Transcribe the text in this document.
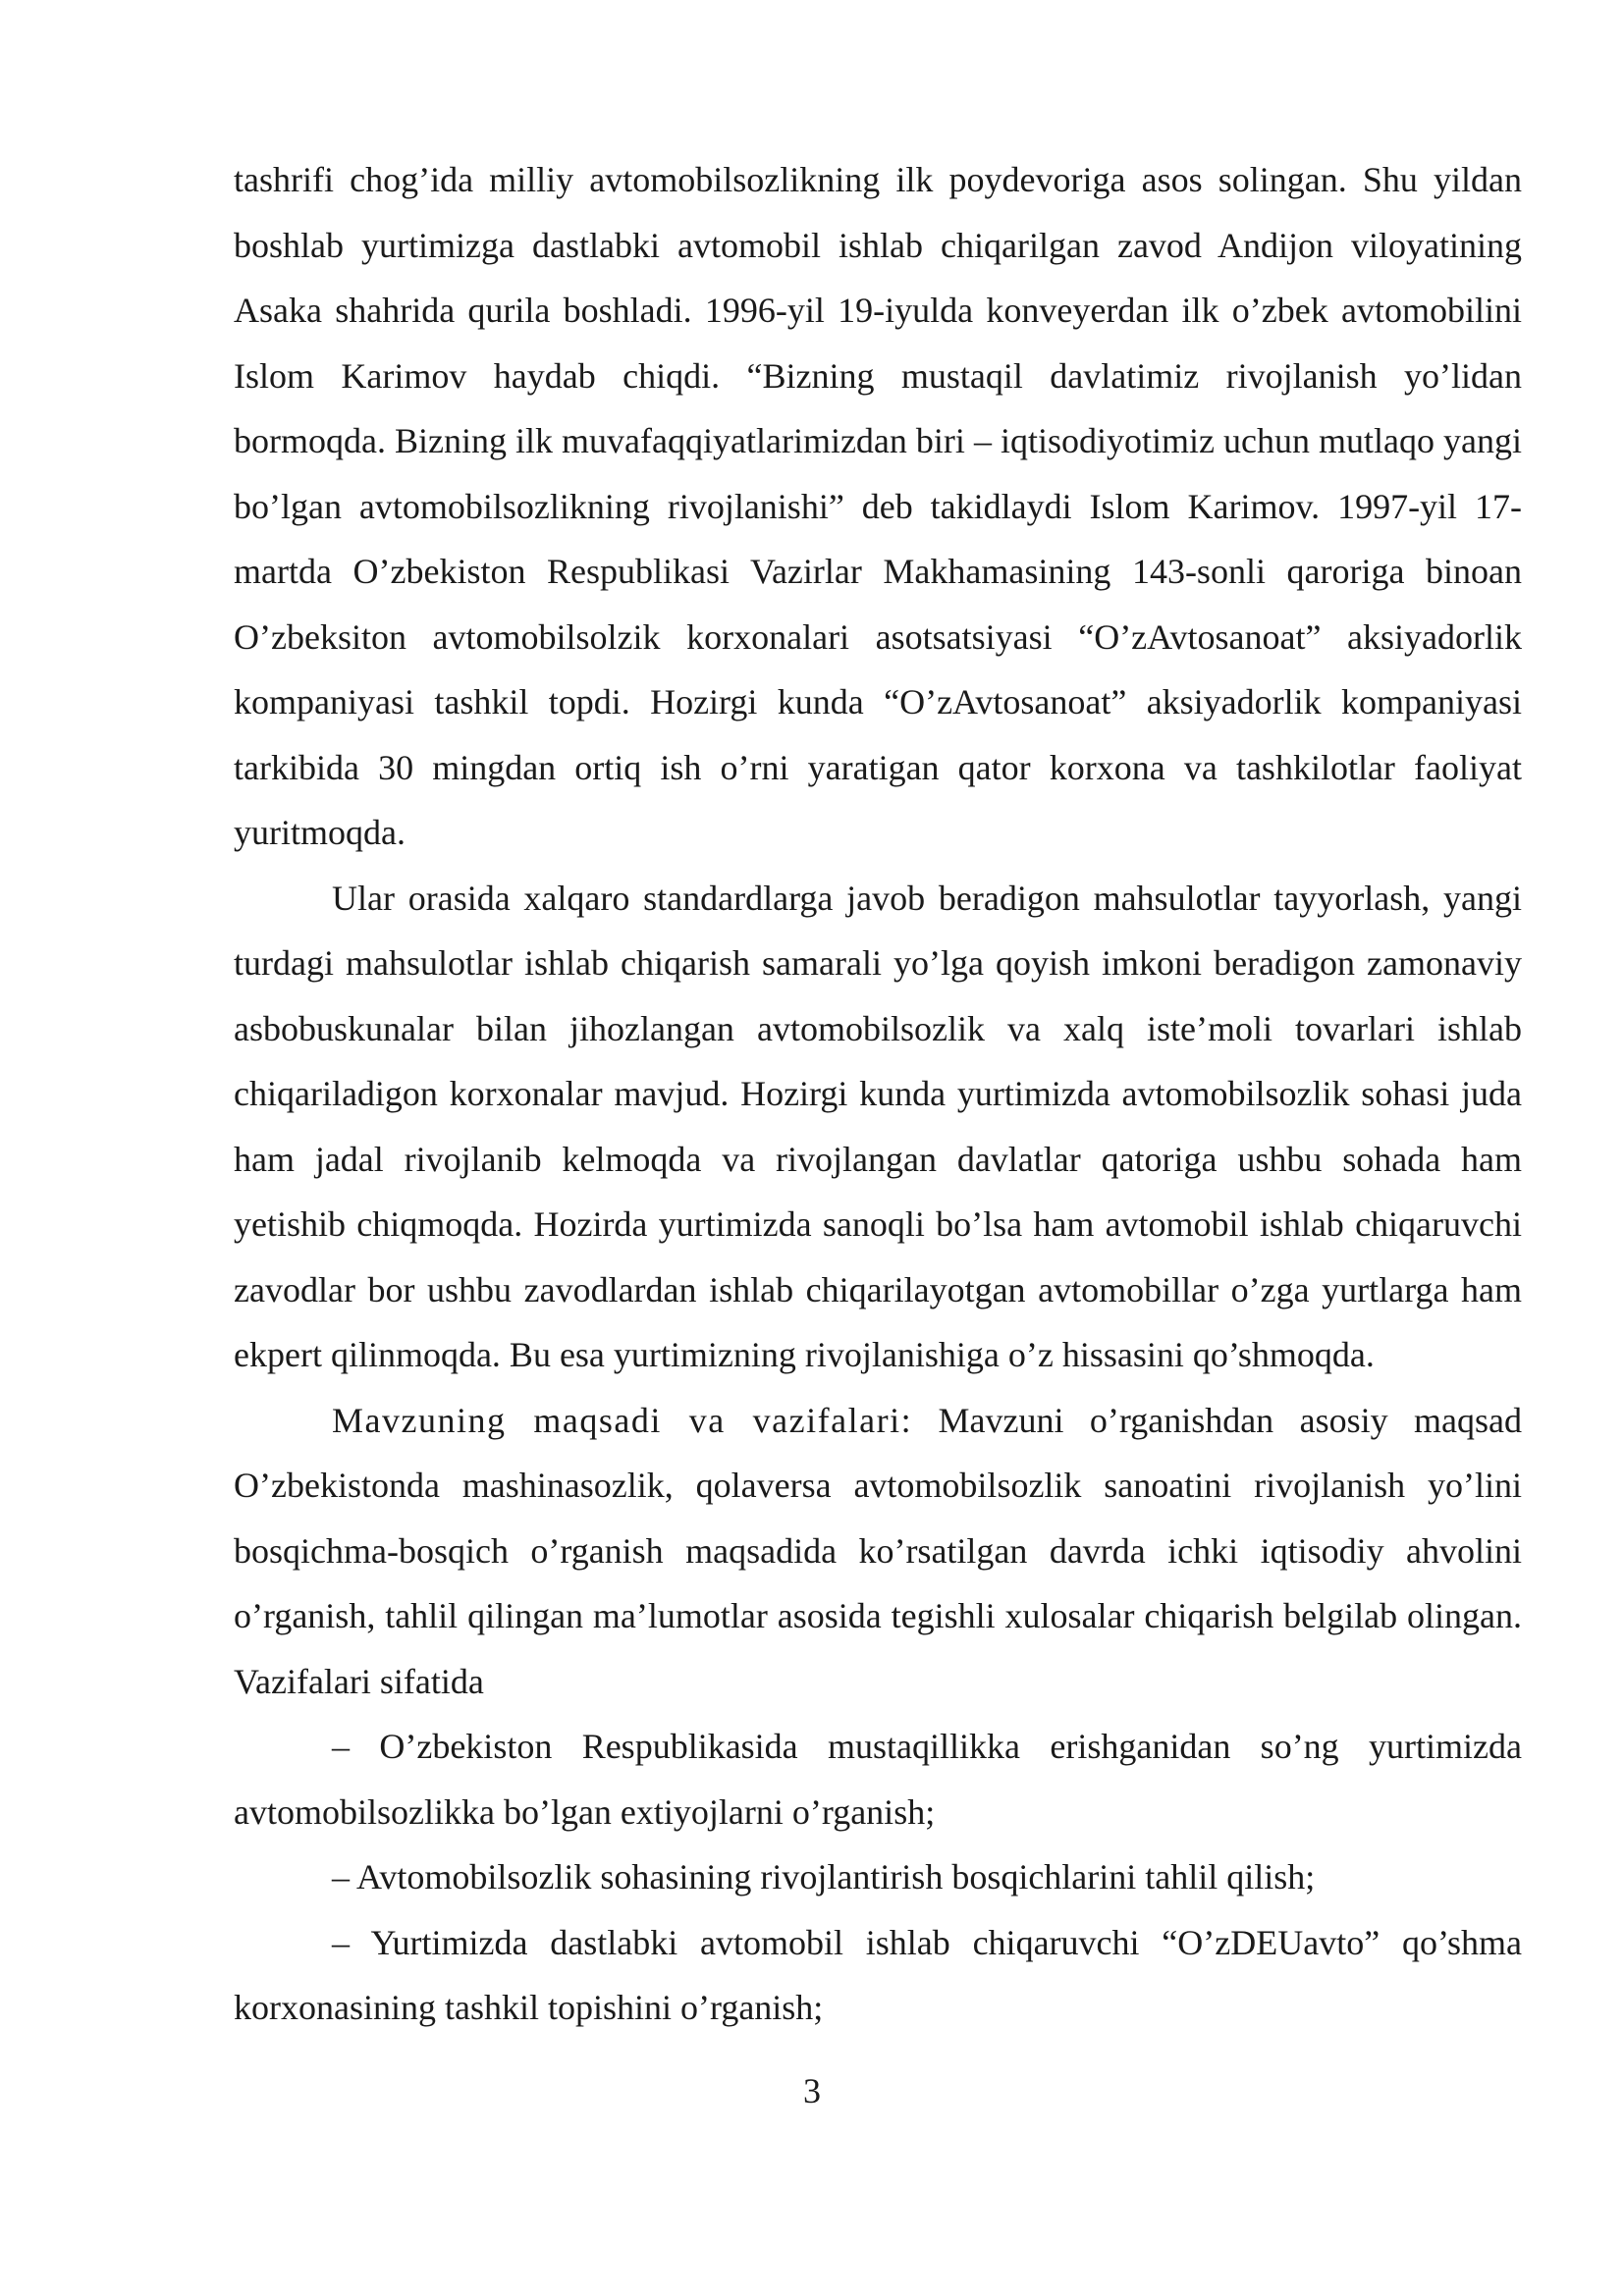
tashrifi chog’ida milliy avtomobilsozlikning ilk poydevoriga asos solingan. Shu yildan boshlab yurtimizga dastlabki avtomobil ishlab chiqarilgan zavod Andijon viloyatining Asaka shahrida qurila boshladi. 1996-yil 19-iyulda konveyerdan ilk o’zbek avtomobilini Islom Karimov haydab chiqdi. “Bizning mustaqil davlatimiz rivojlanish yo’lidan bormoqda. Bizning ilk muvafaqqiyatlarimizdan biri – iqtisodiyotimiz uchun mutlaqo yangi bo’lgan avtomobilsozlikning rivojlanishi” deb takidlaydi Islom Karimov. 1997-yil 17-martda O’zbekiston Respublikasi Vazirlar Makhamasining 143-sonli qaroriga binoan O’zbeksiton avtomobilsolzik korxonalari asotsatsiyasi “O’zAvtosanoat” aksiyadorlik kompaniyasi tashkil topdi. Hozirgi kunda “O’zAvtosanoat” aksiyadorlik kompaniyasi tarkibida 30 mingdan ortiq ish o’rni yaratigan qator korxona va tashkilotlar faoliyat yuritmoqda.

Ular orasida xalqaro standardlarga javob beradigon mahsulotlar tayyorlash, yangi turdagi mahsulotlar ishlab chiqarish samarali yo’lga qoyish imkoni beradigon zamonaviy asbobuskunalar bilan jihozlangan avtomobilsozlik va xalq iste’moli tovarlari ishlab chiqariladigon korxonalar mavjud. Hozirgi kunda yurtimizda avtomobilsozlik sohasi juda ham jadal rivojlanib kelmoqda va rivojlangan davlatlar qatoriga ushbu sohada ham yetishib chiqmoqda. Hozirda yurtimizda sanoqli bo’lsa ham avtomobil ishlab chiqaruvchi zavodlar bor ushbu zavodlardan ishlab chiqarilayotgan avtomobillar o’zga yurtlarga ham ekpert qilinmoqda. Bu esa yurtimizning rivojlanishiga o’z hissasini qo’shmoqda.

Mavzuning maqsadi va vazifalari: Mavzuni o’rganishdan asosiy maqsad O’zbekistonda mashinasozlik, qolaversa avtomobilsozlik sanoatini rivojlanish yo’lini bosqichma-bosqich o’rganish maqsadida ko’rsatilgan davrda ichki iqtisodiy ahvolini o’rganish, tahlil qilingan ma’lumotlar asosida tegishli xulosalar chiqarish belgilab olingan. Vazifalari sifatida

– O’zbekiston Respublikasida mustaqillikka erishganidan so’ng yurtimizda avtomobilsozlikka bo’lgan extiyojlarni o’rganish;

– Avtomobilsozlik sohasining rivojlantirish bosqichlarini tahlil qilish;

– Yurtimizda dastlabki avtomobil ishlab chiqaruvchi “O’zDEUavto” qo’shma korxonasining tashkil topishini o’rganish;

3
